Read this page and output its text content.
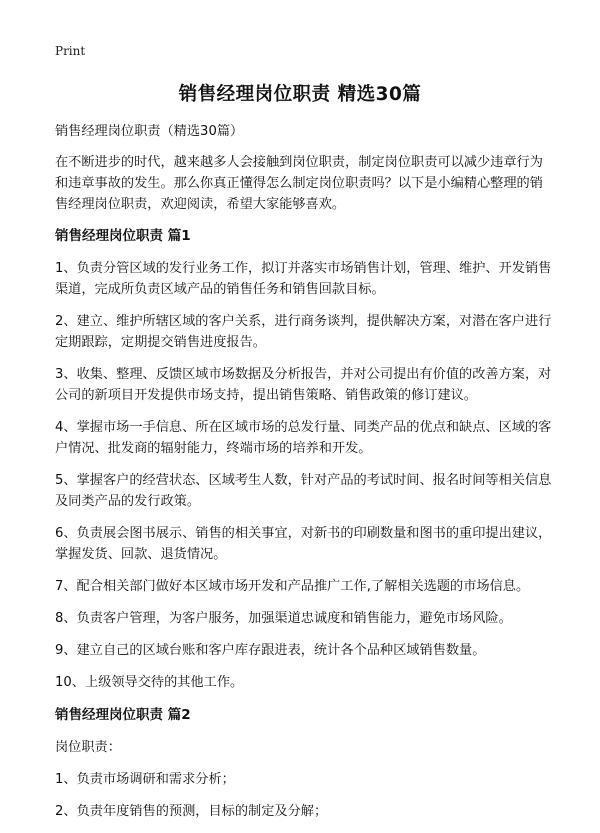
Print
销售经理岗位职责 精选30篇

销售经理岗位职责（精选30篇）

在不断进步的时代，越来越多人会接触到岗位职责，制定岗位职责可以减少违章行为和违章事故的发生。那么你真正懂得怎么制定岗位职责吗？以下是小编精心整理的销售经理岗位职责，欢迎阅读，希望大家能够喜欢。

销售经理岗位职责 篇1

1、负责分管区域的发行业务工作，拟订并落实市场销售计划，管理、维护、开发销售渠道，完成所负责区域产品的销售任务和销售回款目标。

2、建立、维护所辖区域的客户关系，进行商务谈判，提供解决方案，对潜在客户进行定期跟踪，定期提交销售进度报告。

3、收集、整理、反馈区域市场数据及分析报告，并对公司提出有价值的改善方案，对公司的新项目开发提供市场支持，提出销售策略、销售政策的修订建议。

4、掌握市场一手信息、所在区域市场的总发行量、同类产品的优点和缺点、区域的客户情况、批发商的辐射能力，终端市场的培养和开发。

5、掌握客户的经营状态、区域考生人数，针对产品的考试时间、报名时间等相关信息及同类产品的发行政策。

6、负责展会图书展示、销售的相关事宜，对新书的印刷数量和图书的重印提出建议，掌握发货、回款、退货情况。

7、配合相关部门做好本区域市场开发和产品推广工作,了解相关选题的市场信息。

8、负责客户管理，为客户服务，加强渠道忠诚度和销售能力，避免市场风险。

9、建立自己的区域台账和客户库存跟进表，统计各个品种区域销售数量。

10、上级领导交待的其他工作。

销售经理岗位职责 篇2

岗位职责：

1、负责市场调研和需求分析；

2、负责年度销售的预测，目标的制定及分解；
